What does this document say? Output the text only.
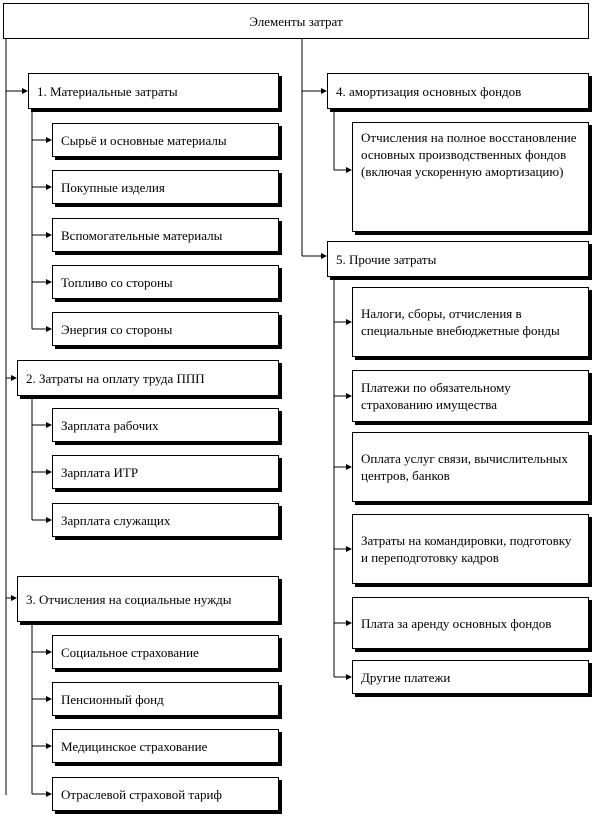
Элементы затрат
1. Материальные затраты
Сырьё и основные материалы
Покупные изделия
Вспомогательные материалы
Топливо со стороны
Энергия со стороны
2. Затраты на оплату труда ППП
Зарплата рабочих
Зарплата ИТР
Зарплата служащих
3. Отчисления на социальные нужды
Социальное страхование
Пенсионный фонд
Медицинское страхование
Отраслевой страховой тариф
4. амортизация основных фондов
Отчисления на полное восстановление основных производственных фондов (включая ускоренную амортизацию)
5. Прочие затраты
Налоги, сборы, отчисления в специальные внебюджетные фонды
Платежи по обязательному страхованию имущества
Оплата услуг связи, вычислительных центров, банков
Затраты на командировки, подготовку и переподготовку кадров
Плата за аренду основных фондов
Другие платежи
